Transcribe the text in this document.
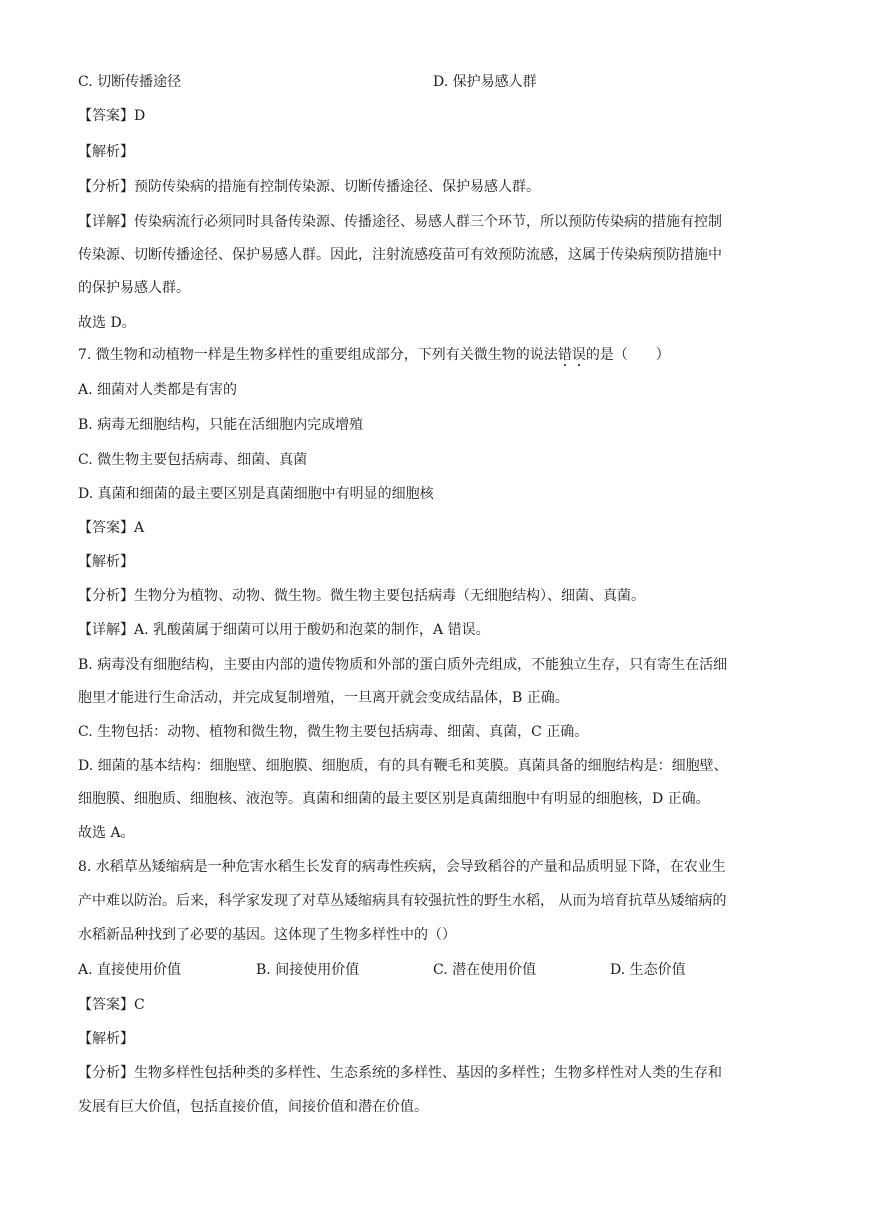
C. 切断传播途径	D. 保护易感人群
【答案】D
【解析】
【分析】预防传染病的措施有控制传染源、切断传播途径、保护易感人群。
【详解】传染病流行必须同时具备传染源、传播途径、易感人群三个环节，所以预防传染病的措施有控制
传染源、切断传播途径、保护易感人群。因此，注射流感疫苗可有效预防流感，这属于传染病预防措施中
的保护易感人群。
故选 D。
7. 微生物和动植物一样是生物多样性的重要组成部分，下列有关微生物的说法错误的是（　　）
A. 细菌对人类都是有害的
B. 病毒无细胞结构，只能在活细胞内完成增殖
C. 微生物主要包括病毒、细菌、真菌
D. 真菌和细菌的最主要区别是真菌细胞中有明显的细胞核
【答案】A
【解析】
【分析】生物分为植物、动物、微生物。微生物主要包括病毒（无细胞结构）、细菌、真菌。
【详解】A. 乳酸菌属于细菌可以用于酸奶和泡菜的制作，A 错误。
B. 病毒没有细胞结构，主要由内部的遗传物质和外部的蛋白质外壳组成，不能独立生存，只有寄生在活细
胞里才能进行生命活动，并完成复制增殖，一旦离开就会变成结晶体，B 正确。
C. 生物包括：动物、植物和微生物，微生物主要包括病毒、细菌、真菌，C 正确。
D. 细菌的基本结构：细胞壁、细胞膜、细胞质，有的具有鞭毛和荚膜。真菌具备的细胞结构是：细胞壁、
细胞膜、细胞质、细胞核、液泡等。真菌和细菌的最主要区别是真菌细胞中有明显的细胞核，D 正确。
故选 A。
8. 水稻草丛矮缩病是一种危害水稻生长发育的病毒性疾病，会导致稻谷的产量和品质明显下降，在农业生
产中难以防治。后来，科学家发现了对草丛矮缩病具有较强抗性的野生水稻， 从而为培育抗草丛矮缩病的
水稻新品种找到了必要的基因。这体现了生物多样性中的（）
A. 直接使用价值	B. 间接使用价值	C. 潜在使用价值	D. 生态价值
【答案】C
【解析】
【分析】生物多样性包括种类的多样性、生态系统的多样性、基因的多样性；生物多样性对人类的生存和
发展有巨大价值，包括直接价值，间接价值和潜在价值。
